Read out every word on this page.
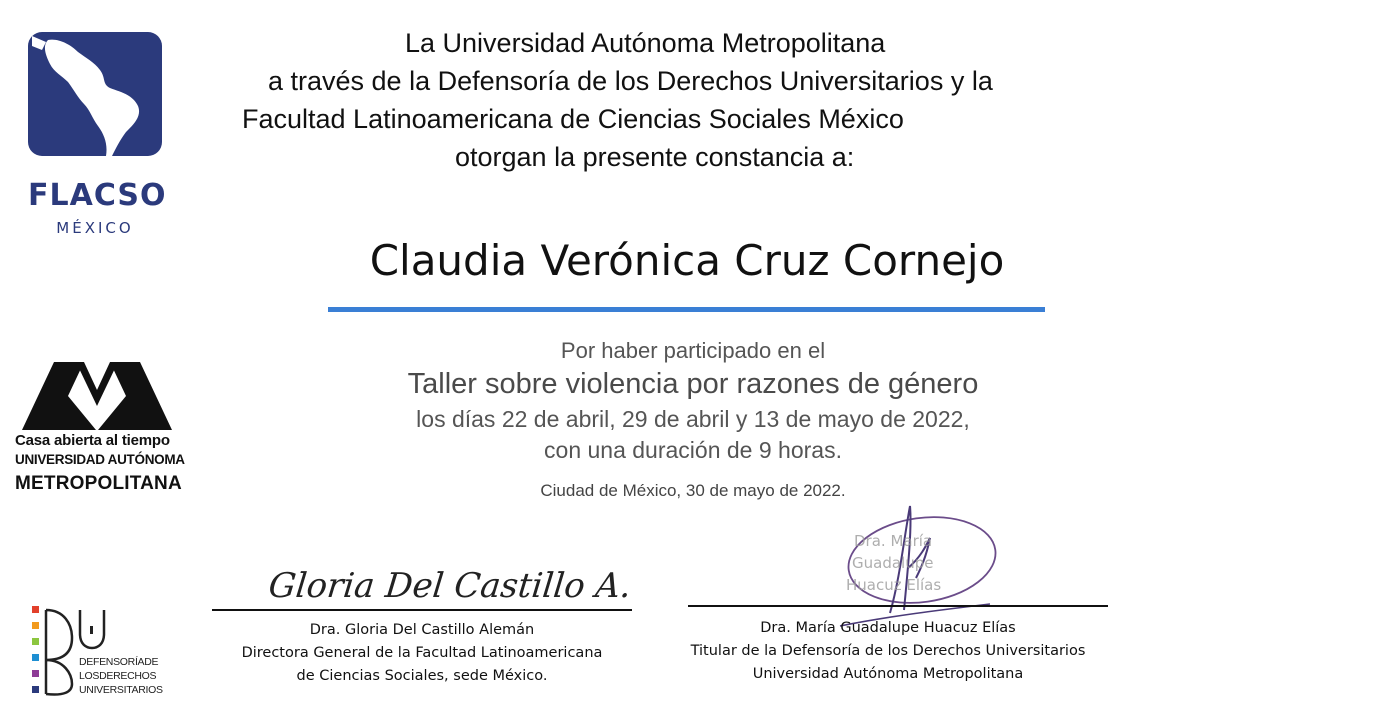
FLACSO
MÉXICO
Casa abierta al tiempo
UNIVERSIDAD AUTÓNOMA
METROPOLITANA
DEFENSORÍADE
LOSDERECHOS
UNIVERSITARIOS
La Universidad Autónoma Metropolitana
a través de la Defensoría de los Derechos Universitarios y la
Facultad Latinoamericana de Ciencias Sociales México
otorgan la presente constancia a:
Claudia Verónica Cruz Cornejo
Por haber participado en el
Taller sobre violencia por razones de género
los días 22 de abril, 29 de abril y 13 de mayo de 2022,
con una duración de 9 horas.
Ciudad de México, 30 de mayo de 2022.
Gloria Del Castillo A.
Dra. Gloria Del Castillo Alemán
Directora General de la Facultad Latinoamericana
de Ciencias Sociales, sede México.
Dra. María
Guadalupe
Huacuz Elías
Dra. María Guadalupe Huacuz Elías
Titular de la Defensoría de los Derechos Universitarios
Universidad Autónoma Metropolitana
